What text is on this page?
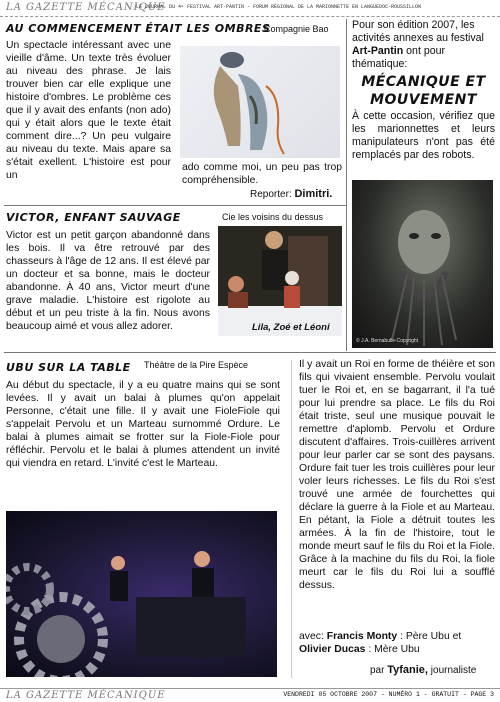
LA GAZETTE MÉCANIQUE
LE JOURNAL DU 4ᵉ FESTIVAL ART·PANTIN - FORUM RÉGIONAL DE LA MARIONNETTE EN LANGUEDOC-ROUSSILLON
AU COMMENCEMENT ÉTAIT LES OMBRES
Compagnie Bao
Un spectacle intéressant avec une vieille d'âme. Un texte très évoluer au niveau des phrase. Je lais trouver bien car elle explique une histoire d'ombres. Le problème ces que il y avait des enfants (non ado) qui y était alors que le texte était comment dire...? Un peu vulgaire au niveau du texte. Mais apare sa s'était exellent. L'histoire est pour un
ado comme moi, un peu pas trop compréhensible.
Reporter: Dimitri.
Pour son édition 2007, les activités annexes au festival Art-Pantin ont pour thématique:
MÉCANIQUE ET MOUVEMENT
À cette occasion, vérifiez que les marionnettes et leurs manipulateurs n'ont pas été remplacés par des robots.
© J.A. Bernabulle-Copyright
VICTOR, ENFANT SAUVAGE	Cie les voisins du dessus
Victor est un petit garçon abandonné dans les bois. Il va être retrouvé par des chasseurs à l'âge de 12 ans. Il est élevé par un docteur et sa bonne, mais le docteur abandonne. À 40 ans, Victor meurt d'une grave maladie. L'histoire est rigolote au début et un peu triste à la fin. Nous avons beaucoup aimé et vous allez adorer.	Lila, Zoé et Léoni
UBU SUR LA TABLE Théâtre de la Pire Espèce
Au début du spectacle, il y a eu quatre mains qui se sont levées. Il y avait un balai à plumes qu'on appelait Personne, c'était une fille. Il y avait une FioleFiole qui s'appelait Pervolu et un Marteau surnommé Ordure. Le balai à plumes aimait se frotter sur la Fiole-Fiole pour réfléchir. Pervolu et le balai à plumes attendent un invité qui viendra en retard. L'invité c'est le Marteau.
Il y avait un Roi en forme de théière et son fils qui vivaient ensemble. Pervolu voulait tuer le Roi et, en se bagarrant, il l'a tué pour lui prendre sa place. Le fils du Roi était triste, seul une musique pouvait le remettre d'aplomb. Pervolu et Ordure discutent d'affaires. Trois-cuillères arrivent pour leur parler car se sont des paysans. Ordure fait tuer les trois cuillères pour leur voler leurs richesses. Le fils du Roi s'est trouvé une armée de fourchettes qui déclare la guerre à la Fiole et au Marteau. En pétant, la Fiole a détruit toutes les armées. À la fin de l'histoire, tout le monde meurt sauf le fils du Roi et la Fiole. Grâce à la machine du fils du Roi, la fiole meurt car le fils du Roi lui a soufflé dessus.
avec: Francis Monty : Père Ubu et Olivier Ducas : Mère Ubu
par Tyfanie, journaliste
LA GAZETTE MÉCANIQUE	VENDREDI 05 OCTOBRE 2007 - NUMÉRO 1 - GRATUIT - PAGE 3
